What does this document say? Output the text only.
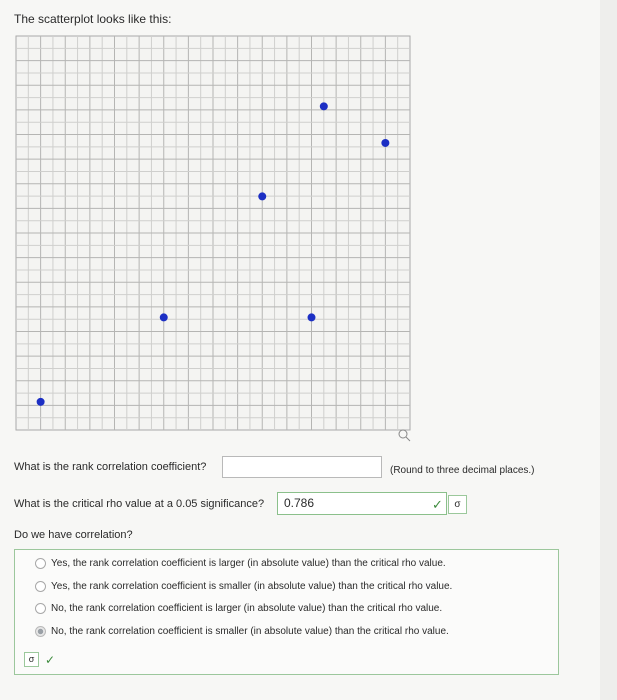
The scatterplot looks like this:
What is the rank correlation coefficient?	(Round to three decimal places.)
What is the critical rho value at a 0.05 significance?	0.786	✓	σ
Do we have correlation?
Yes, the rank correlation coefficient is larger (in absolute value) than the critical rho value.
Yes, the rank correlation coefficient is smaller (in absolute value) than the critical rho value.
No, the rank correlation coefficient is larger (in absolute value) than the critical rho value.
No, the rank correlation coefficient is smaller (in absolute value) than the critical rho value.
σ ✓
